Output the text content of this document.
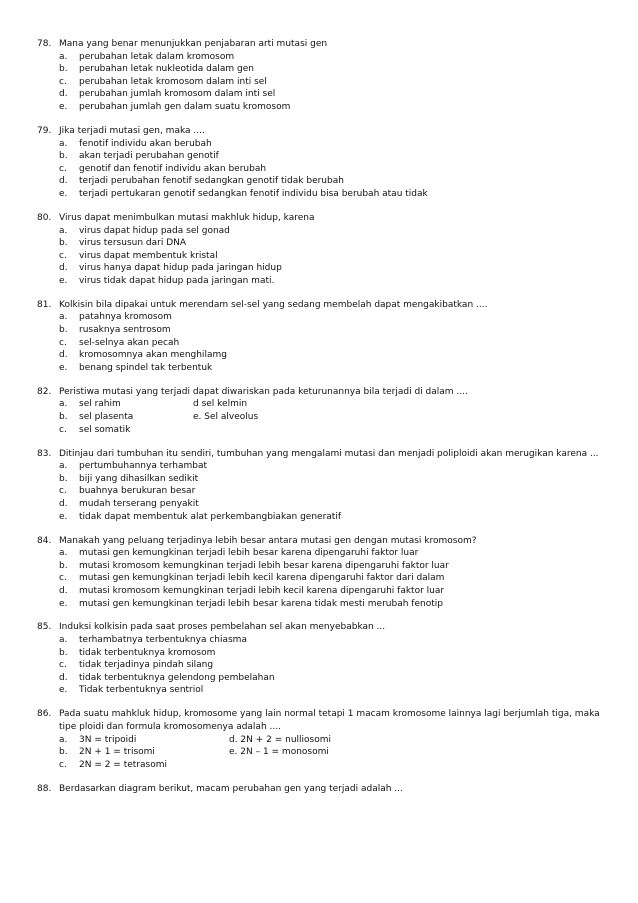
78. Mana yang benar menunjukkan penjabaran arti mutasi gen
a.	perubahan letak dalam kromosom
b.	perubahan letak nukleotida dalam gen
c.	perubahan letak kromosom dalam inti sel
d.	perubahan jumlah kromosom dalam inti sel
e.	perubahan jumlah gen dalam suatu kromosom
79. Jika terjadi mutasi gen, maka ....
a.	fenotif individu akan berubah
b.	akan terjadi perubahan genotif
c.	genotif dan fenotif individu akan berubah
d.	terjadi perubahan fenotif sedangkan genotif tidak berubah
e.	terjadi pertukaran genotif sedangkan fenotif individu bisa berubah atau tidak
80. Virus dapat menimbulkan mutasi makhluk hidup, karena
a.	virus dapat hidup pada sel gonad
b.	virus tersusun dari DNA
c.	virus dapat membentuk kristal
d.	virus hanya dapat hidup pada jaringan hidup
e.	virus tidak dapat hidup pada jaringan mati.
81. Kolkisin bila dipakai untuk merendam sel-sel yang sedang membelah dapat mengakibatkan ....
a.	patahnya kromosom
b.	rusaknya sentrosom
c.	sel-selnya akan pecah
d.	kromosomnya akan menghilamg
e.	benang spindel tak terbentuk
82. Peristiwa mutasi yang terjadi dapat diwariskan pada keturunannya bila terjadi di dalam ....
a.	sel rahim	d sel kelmin
b.	sel plasenta	e. Sel alveolus
c.	sel somatik
83. Ditinjau dari tumbuhan itu sendiri, tumbuhan yang mengalami mutasi dan menjadi poliploidi akan merugikan karena ...
a.	pertumbuhannya terhambat
b.	biji yang dihasilkan sedikit
c.	buahnya berukuran besar
d.	mudah terserang penyakit
e.	tidak dapat membentuk alat perkembangbiakan generatif
84. Manakah yang peluang terjadinya lebih besar antara mutasi gen dengan mutasi kromosom?
a.	mutasi gen kemungkinan terjadi lebih besar karena dipengaruhi faktor luar
b.	mutasi kromosom kemungkinan terjadi lebih besar karena dipengaruhi faktor luar
c.	mutasi gen kemungkinan terjadi lebih kecil karena dipengaruhi faktor dari dalam
d.	mutasi kromosom kemungkinan terjadi lebih kecil karena dipengaruhi faktor luar
e.	mutasi gen kemungkinan terjadi lebih besar karena tidak mesti merubah fenotip
85. Induksi kolkisin pada saat proses pembelahan sel akan menyebabkan ...
a.	terhambatnya terbentuknya chiasma
b.	tidak terbentuknya kromosom
c.	tidak terjadinya pindah silang
d.	tidak terbentuknya gelendong pembelahan
e.	Tidak terbentuknya sentriol
86. Pada suatu mahkluk hidup, kromosome yang lain normal tetapi 1 macam kromosome lainnya lagi berjumlah tiga, maka tipe ploidi dan formula kromosomenya adalah ....
a.	3N = tripoidi	d. 2N + 2 = nulliosomi
b.	2N + 1 = trisomi	e. 2N – 1 = monosomi
c.	2N = 2 = tetrasomi
88. Berdasarkan diagram berikut, macam perubahan gen yang terjadi adalah ...
